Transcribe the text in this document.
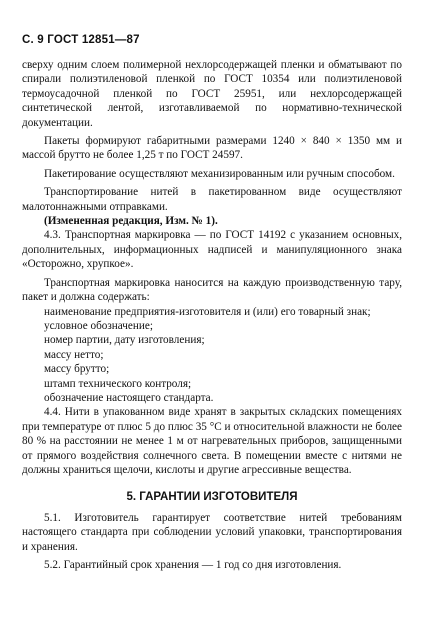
С. 9 ГОСТ 12851—87

сверху одним слоем полимерной нехлорсодержащей пленки и обматывают по спирали полиэтиленовой пленкой по ГОСТ 10354 или полиэтиленовой термоусадочной пленкой по ГОСТ 25951, или нехлорсодержащей синтетической лентой, изготавливаемой по нормативно-технической документации.

Пакеты формируют габаритными размерами 1240 × 840 × 1350 мм и массой брутто не более 1,25 т по ГОСТ 24597.

Пакетирование осуществляют механизированным или ручным способом.

Транспортирование нитей в пакетированном виде осуществляют малотоннажными отправками.

(Измененная редакция, Изм. № 1).

4.3. Транспортная маркировка — по ГОСТ 14192 с указанием основных, дополнительных, информационных надписей и манипуляционного знака «Осторожно, хрупкое».

Транспортная маркировка наносится на каждую производственную тару, пакет и должна содержать:

наименование предприятия-изготовителя и (или) его товарный знак;

условное обозначение;

номер партии, дату изготовления;

массу нетто;

массу брутто;

штамп технического контроля;

обозначение настоящего стандарта.

4.4. Нити в упакованном виде хранят в закрытых складских помещениях при температуре от плюс 5 до плюс 35 °С и относительной влажности не более 80 % на расстоянии не менее 1 м от нагревательных приборов, защищенными от прямого воздействия солнечного света. В помещении вместе с нитями не должны храниться щелочи, кислоты и другие агрессивные вещества.

5. ГАРАНТИИ ИЗГОТОВИТЕЛЯ

5.1. Изготовитель гарантирует соответствие нитей требованиям настоящего стандарта при соблюдении условий упаковки, транспортирования и хранения.

5.2. Гарантийный срок хранения — 1 год со дня изготовления.
